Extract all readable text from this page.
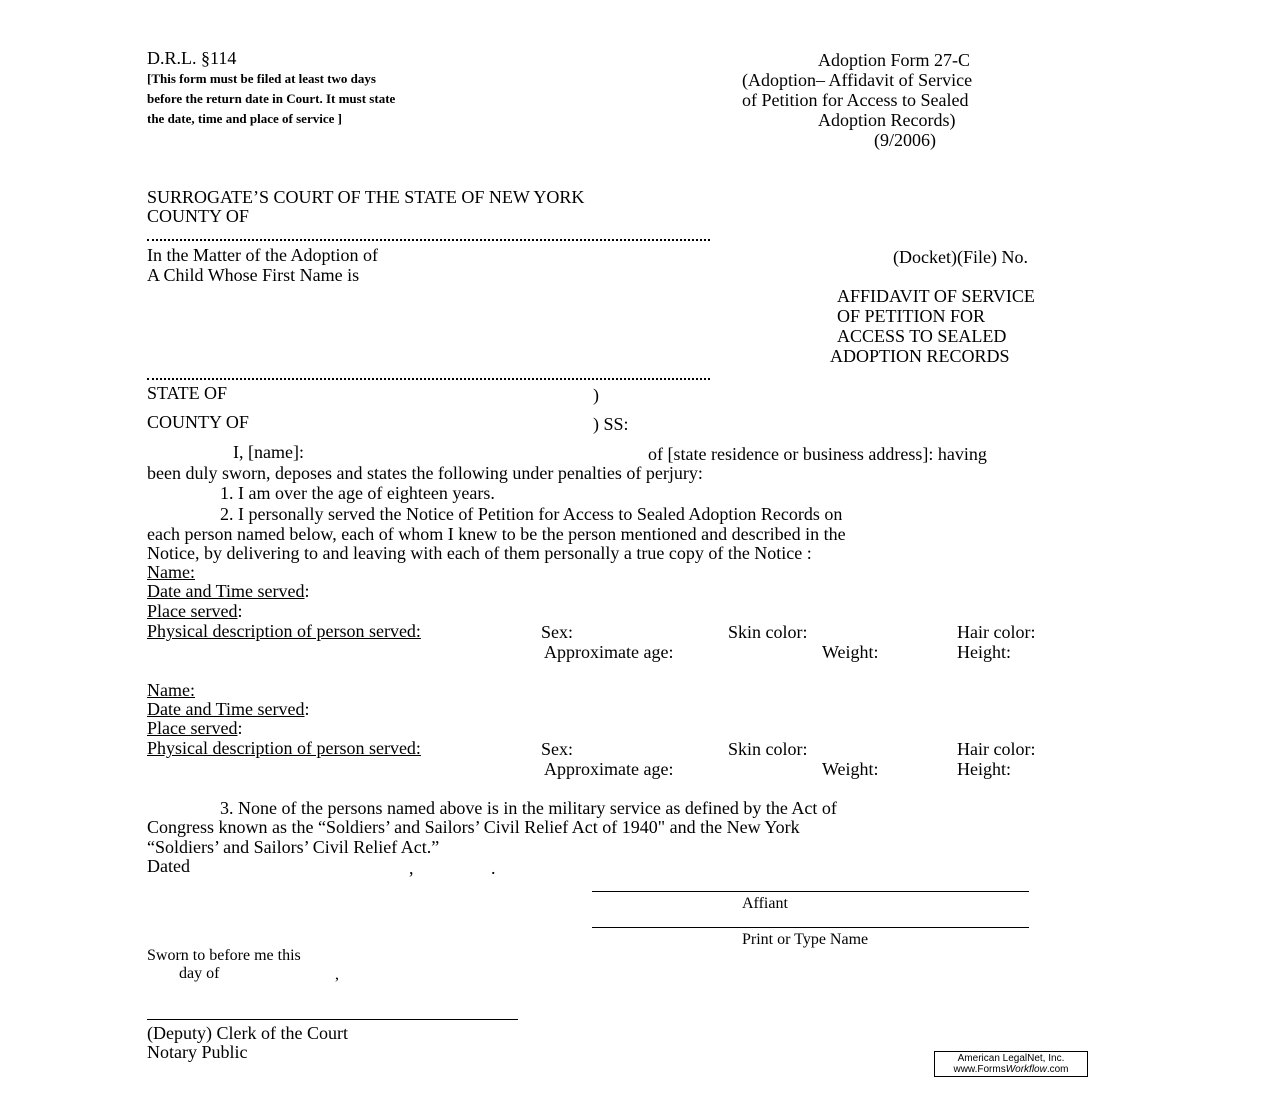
D.R.L. §114
[This form must be filed at least two days
before the return date in Court. It must state
the date, time and place of service ]
Adoption Form 27-C
(Adoption– Affidavit of Service
of Petition for Access to Sealed
Adoption Records)
(9/2006)
SURROGATE’S COURT OF THE STATE OF NEW YORK
COUNTY OF
In the Matter of the Adoption of
A Child Whose First Name is
(Docket)(File) No.
AFFIDAVIT OF SERVICE
OF PETITION FOR
ACCESS TO SEALED
ADOPTION RECORDS
STATE OF	)
COUNTY OF	) SS:
I, [name]:	of [state residence or business address]: having
been duly sworn, deposes and states the following under penalties of perjury:
1. I am over the age of eighteen years.
2. I personally served the Notice of Petition for Access to Sealed Adoption Records on
each person named below, each of whom I knew to be the person mentioned and described in the
Notice, by delivering to and leaving with each of them personally a true copy of the Notice :
Name:
Date and Time served:
Place served:
Physical description of person served:	Sex:	Skin color:	Hair color:
Approximate age:	Weight:	Height:
Name:
Date and Time served:
Place served:
Physical description of person served:	Sex:	Skin color:	Hair color:
Approximate age:	Weight:	Height:
3. None of the persons named above is in the military service as defined by the Act of
Congress known as the “Soldiers’ and Sailors’ Civil Relief Act of 1940" and the New York
“Soldiers’ and Sailors’ Civil Relief Act.”
Dated	,	.
Affiant
Print or Type Name
Sworn to before me this
day of	,
(Deputy) Clerk of the Court
Notary Public	American LegalNet, Inc.
www.FormsWorkflow.com
